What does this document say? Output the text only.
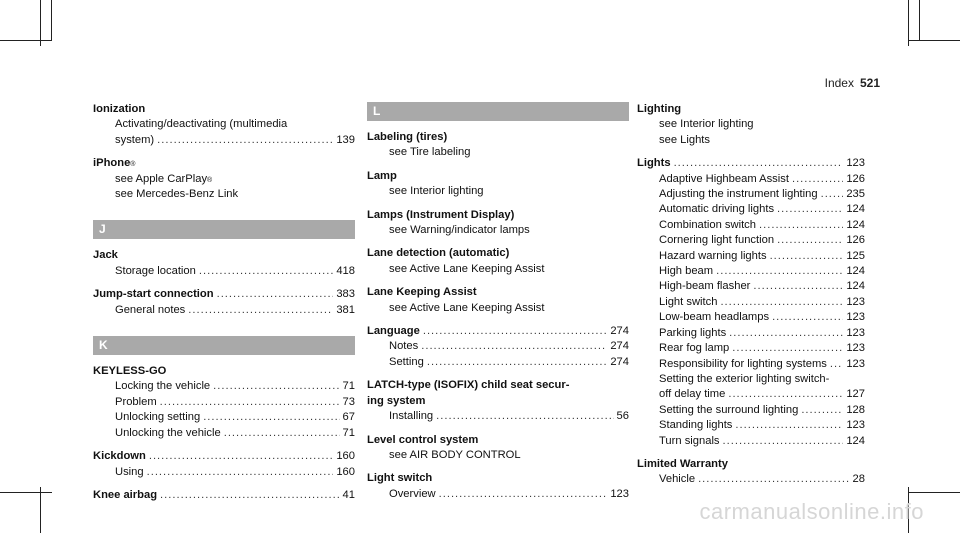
Index 521
Ionization
Activating/deactivating (multimedia
system) .....	139
iPhone ®
see Apple CarPlay ®
see Mercedes-Benz Link
J
Jack
Storage location .....	418
Jump-start connection .....	383
General notes .....	381
K
KEYLESS-GO
Locking the vehicle .....	71
Problem .....	73
Unlocking setting .....	67
Unlocking the vehicle .....	71
Kickdown .....	160
Using .....	160
Knee airbag .....	41
L
Labeling (tires)
see Tire labeling
Lamp
see Interior lighting
Lamps (Instrument Display)
see Warning/indicator lamps
Lane detection (automatic)
see Active Lane Keeping Assist
Lane Keeping Assist
see Active Lane Keeping Assist
Language .....	274
Notes .....	274
Setting .....	274
LATCH-type (ISOFIX) child seat secur-
ing system
Installing .....	56
Level control system
see AIR BODY CONTROL
Light switch
Overview .....	123
Lighting
see Interior lighting
see Lights
Lights .....	123
Adaptive Highbeam Assist .....	126
Adjusting the instrument lighting .....	235
Automatic driving lights .....	124
Combination switch .....	124
Cornering light function .....	126
Hazard warning lights .....	125
High beam .....	124
High-beam flasher .....	124
Light switch .....	123
Low-beam headlamps .....	123
Parking lights .....	123
Rear fog lamp .....	123
Responsibility for lighting systems ..... 123
Setting the exterior lighting switch-
off delay time .....	127
Setting the surround lighting .....	128
Standing lights .....	123
Turn signals .....	124
Limited Warranty
Vehicle .....	28
carmanualsonline.info
